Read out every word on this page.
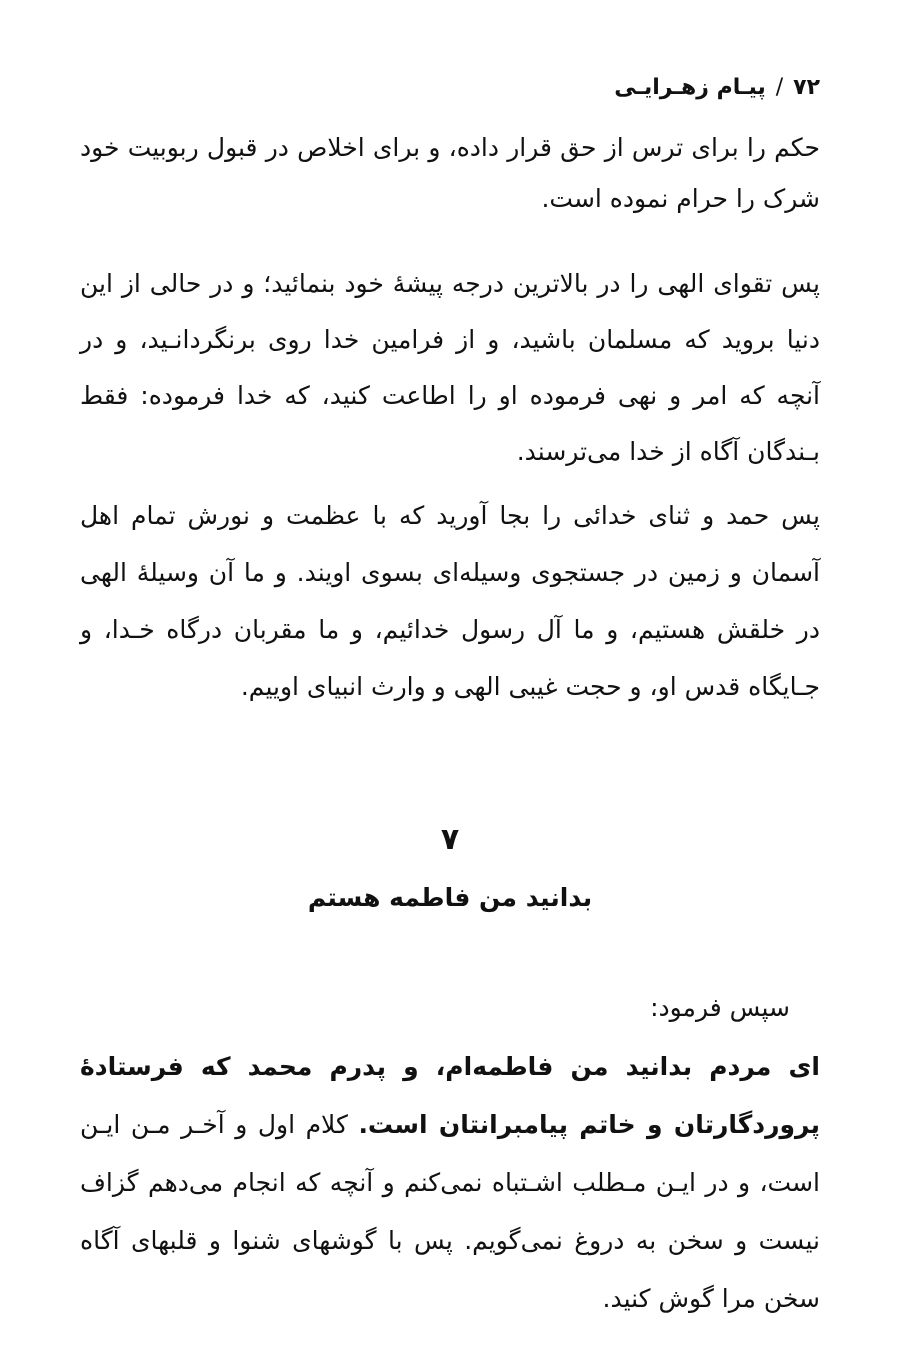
۷۲/پیـام زهـرایـی

حکم را برای ترس از حق قرار داده، و برای اخلاص در قبول ربوبیت خود شرک را حرام نموده است.

پس تقوای الهی را در بالاترین درجه پیشهٔ خود بنمائید؛ و در حالی از این دنیا بروید که مسلمان باشید، و از فرامین خدا روی برنگردانـید، و در آنچه که امر و نهی فرموده او را اطاعت کنید، که خدا فرموده: فقط بـندگان آگاه از خدا می‌ترسند.

پس حمد و ثنای خدائی را بجا آورید که با عظمت و نورش تمام اهل آسمان و زمین در جستجوی وسیله‌ای بسوی اویند. و ما آن وسیلهٔ الهی در خلقش هستیم، و ما آل رسول خدائیم، و ما مقربان درگاه خـدا، و جـایگاه قدس او، و حجت غیبی الهی و وارث انبیای اوییم.

۷
بدانید من فاطمه هستم
سپس فرمود:

ای مردم بدانید من فاطمه‌ام، و پدرم محمد که فرستادهٔ پروردگارتان و خاتم پیامبرانتان است. کلام اول و آخـر مـن ایـن است، و در ایـن مـطلب اشـتباه نمی‌کنم و آنچه که انجام می‌دهم گزاف نیست و سخن به دروغ نمی‌گویم. پس با گوشهای شنوا و قلبهای آگاه سخن مرا گوش کنید.
